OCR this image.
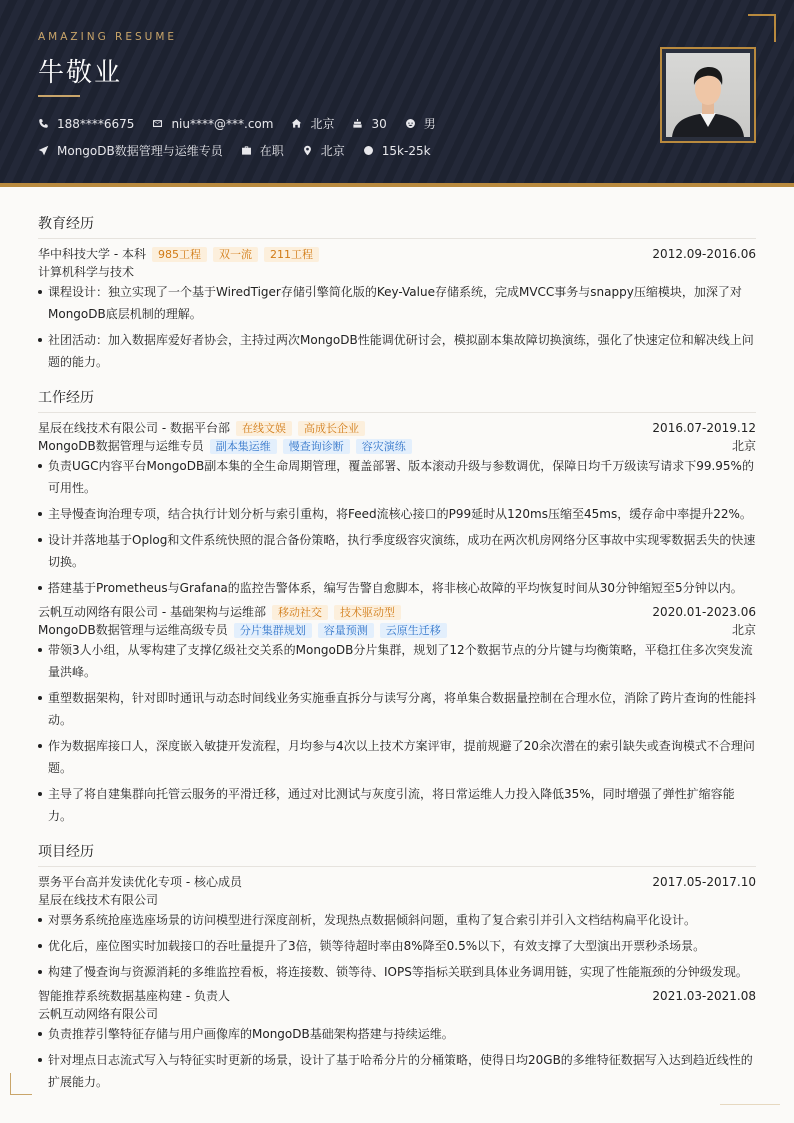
AMAZING RESUME
牛敬业
188****6675	niu****@***.com	北京	30	男
MongoDB数据管理与运维专员	在职	北京	15k-25k
教育经历
华中科技大学 - 本科	985工程	双一流	211工程	2012.09-2016.06
计算机科学与技术
课程设计：独立实现了一个基于WiredTiger存储引擎简化版的Key-Value存储系统，完成MVCC事务与snappy压缩模块，加深了对MongoDB底层机制的理解。
社团活动：加入数据库爱好者协会，主持过两次MongoDB性能调优研讨会，模拟副本集故障切换演练，强化了快速定位和解决线上问题的能力。
工作经历
星辰在线技术有限公司 - 数据平台部	在线文娱	高成长企业	2016.07-2019.12
MongoDB数据管理与运维专员	副本集运维	慢查询诊断	容灾演练	北京
负责UGC内容平台MongoDB副本集的全生命周期管理，覆盖部署、版本滚动升级与参数调优，保障日均千万级读写请求下99.95%的可用性。
主导慢查询治理专项，结合执行计划分析与索引重构，将Feed流核心接口的P99延时从120ms压缩至45ms，缓存命中率提升22%。
设计并落地基于Oplog和文件系统快照的混合备份策略，执行季度级容灾演练，成功在两次机房网络分区事故中实现零数据丢失的快速切换。
搭建基于Prometheus与Grafana的监控告警体系，编写告警自愈脚本，将非核心故障的平均恢复时间从30分钟缩短至5分钟以内。
云帆互动网络有限公司 - 基础架构与运维部	移动社交	技术驱动型	2020.01-2023.06
MongoDB数据管理与运维高级专员	分片集群规划	容量预测	云原生迁移	北京
带领3人小组，从零构建了支撑亿级社交关系的MongoDB分片集群，规划了12个数据节点的分片键与均衡策略，平稳扛住多次突发流量洪峰。
重塑数据架构，针对即时通讯与动态时间线业务实施垂直拆分与读写分离，将单集合数据量控制在合理水位，消除了跨片查询的性能抖动。
作为数据库接口人，深度嵌入敏捷开发流程，月均参与4次以上技术方案评审，提前规避了20余次潜在的索引缺失或查询模式不合理问题。
主导了将自建集群向托管云服务的平滑迁移，通过对比测试与灰度引流，将日常运维人力投入降低35%，同时增强了弹性扩缩容能力。
项目经历
票务平台高并发读优化专项 - 核心成员	2017.05-2017.10
星辰在线技术有限公司
对票务系统抢座选座场景的访问模型进行深度剖析，发现热点数据倾斜问题，重构了复合索引并引入文档结构扁平化设计。
优化后，座位图实时加载接口的吞吐量提升了3倍，锁等待超时率由8%降至0.5%以下，有效支撑了大型演出开票秒杀场景。
构建了慢查询与资源消耗的多维监控看板，将连接数、锁等待、IOPS等指标关联到具体业务调用链，实现了性能瓶颈的分钟级发现。
智能推荐系统数据基座构建 - 负责人	2021.03-2021.08
云帆互动网络有限公司
负责推荐引擎特征存储与用户画像库的MongoDB基础架构搭建与持续运维。
针对埋点日志流式写入与特征实时更新的场景，设计了基于哈希分片的分桶策略，使得日均20GB的多维特征数据写入达到趋近线性的扩展能力。
